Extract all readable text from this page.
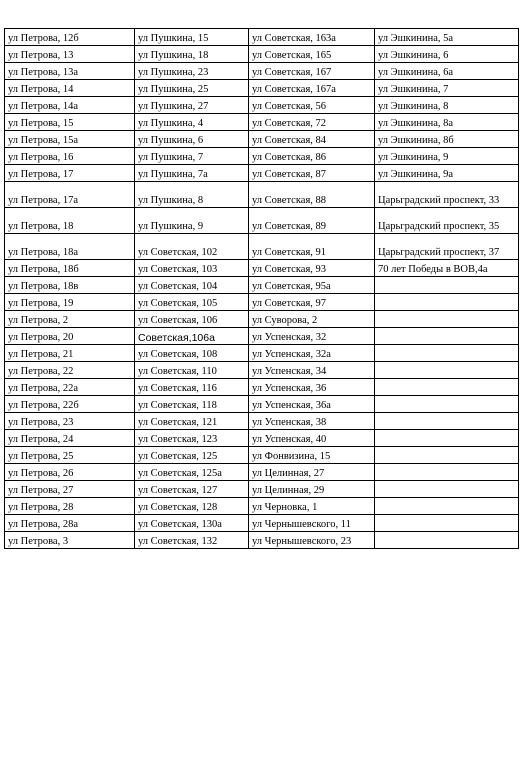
ул Петрова, 12б	ул Пушкина, 15	ул Советская, 163а	ул Эшкинина, 5а
ул Петрова, 13	ул Пушкина, 18	ул Советская, 165	ул Эшкинина, 6
ул Петрова, 13а	ул Пушкина, 23	ул Советская, 167	ул Эшкинина, 6а
ул Петрова, 14	ул Пушкина, 25	ул Советская, 167а	ул Эшкинина, 7
ул Петрова, 14а	ул Пушкина, 27	ул Советская, 56	ул Эшкинина, 8
ул Петрова, 15	ул Пушкина, 4	ул Советская, 72	ул Эшкинина, 8а
ул Петрова, 15а	ул Пушкина, 6	ул Советская, 84	ул Эшкинина, 8б
ул Петрова, 16	ул Пушкина, 7	ул Советская, 86	ул Эшкинина, 9
ул Петрова, 17	ул Пушкина, 7а	ул Советская, 87	ул Эшкинина, 9а
ул Петрова, 17а	ул Пушкина, 8	ул Советская, 88	Царьградский проспект, 33
ул Петрова, 18	ул Пушкина, 9	ул Советская, 89	Царьградский проспект, 35
ул Петрова, 18а	ул Советская, 102	ул Советская, 91	Царьградский проспект, 37
ул Петрова, 18б	ул Советская, 103	ул Советская, 93	70 лет Победы в ВОВ,4а
ул Петрова, 18в	ул Советская, 104	ул Советская, 95а	
ул Петрова, 19	ул Советская, 105	ул Советская, 97	
ул Петрова, 2	ул Советская, 106	ул Суворова, 2	
ул Петрова, 20	Советская,106а	ул Успенская, 32	
ул Петрова, 21	ул Советская, 108	ул Успенская, 32а	
ул Петрова, 22	ул Советская, 110	ул Успенская, 34	
ул Петрова, 22а	ул Советская, 116	ул Успенская, 36	
ул Петрова, 22б	ул Советская, 118	ул Успенская, 36а	
ул Петрова, 23	ул Советская, 121	ул Успенская, 38	
ул Петрова, 24	ул Советская, 123	ул Успенская, 40	
ул Петрова, 25	ул Советская, 125	ул Фонвизина, 15	
ул Петрова, 26	ул Советская, 125а	ул Целинная, 27	
ул Петрова, 27	ул Советская, 127	ул Целинная, 29	
ул Петрова, 28	ул Советская, 128	ул Черновка, 1	
ул Петрова, 28а	ул Советская, 130а	ул Чернышевского, 11	
ул Петрова, 3	ул Советская, 132	ул Чернышевского, 23	
